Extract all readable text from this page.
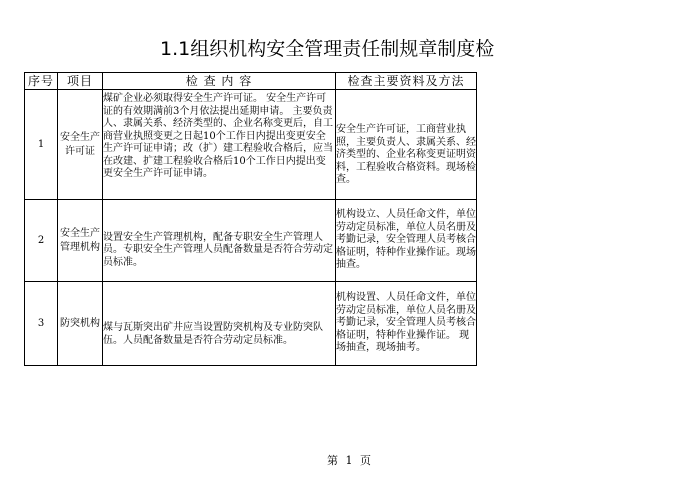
1.1组织机构安全管理责任制规章制度检
序号	项目	检 查 内 容	检查主要资料及方法
1	安全生产许可证	煤矿企业必须取得安全生产许可证。 安全生产许可证的有效期满前3个月依法提出延期申请。 主要负责人、隶属关系、经济类型的、企业名称变更后，自工商营业执照变更之日起10个工作日内提出变更安全生产许可证申请；改（扩）建工程验收合格后，应当在改建、扩建工程验收合格后10个工作日内提出变更安全生产许可证申请。	安全生产许可证，工商营业执照，主要负责人、隶属关系、经济类型的、企业名称变更证明资料，工程验收合格资料。现场检查。
2	安全生产管理机构	设置安全生产管理机构，配备专职安全生产管理人员。专职安全生产管理人员配备数量是否符合劳动定员标准。	机构设立、人员任命文件，单位劳动定员标准，单位人员名册及考勤记录，安全管理人员考核合格证明，特种作业操作证。现场抽查。
3	防突机构	煤与瓦斯突出矿井应当设置防突机构及专业防突队伍。人员配备数量是否符合劳动定员标准。	机构设置、人员任命文件，单位劳动定员标准，单位人员名册及考勤记录，安全管理人员考核合格证明，特种作业操作证。 现场抽查，现场抽考。
第 1 页
